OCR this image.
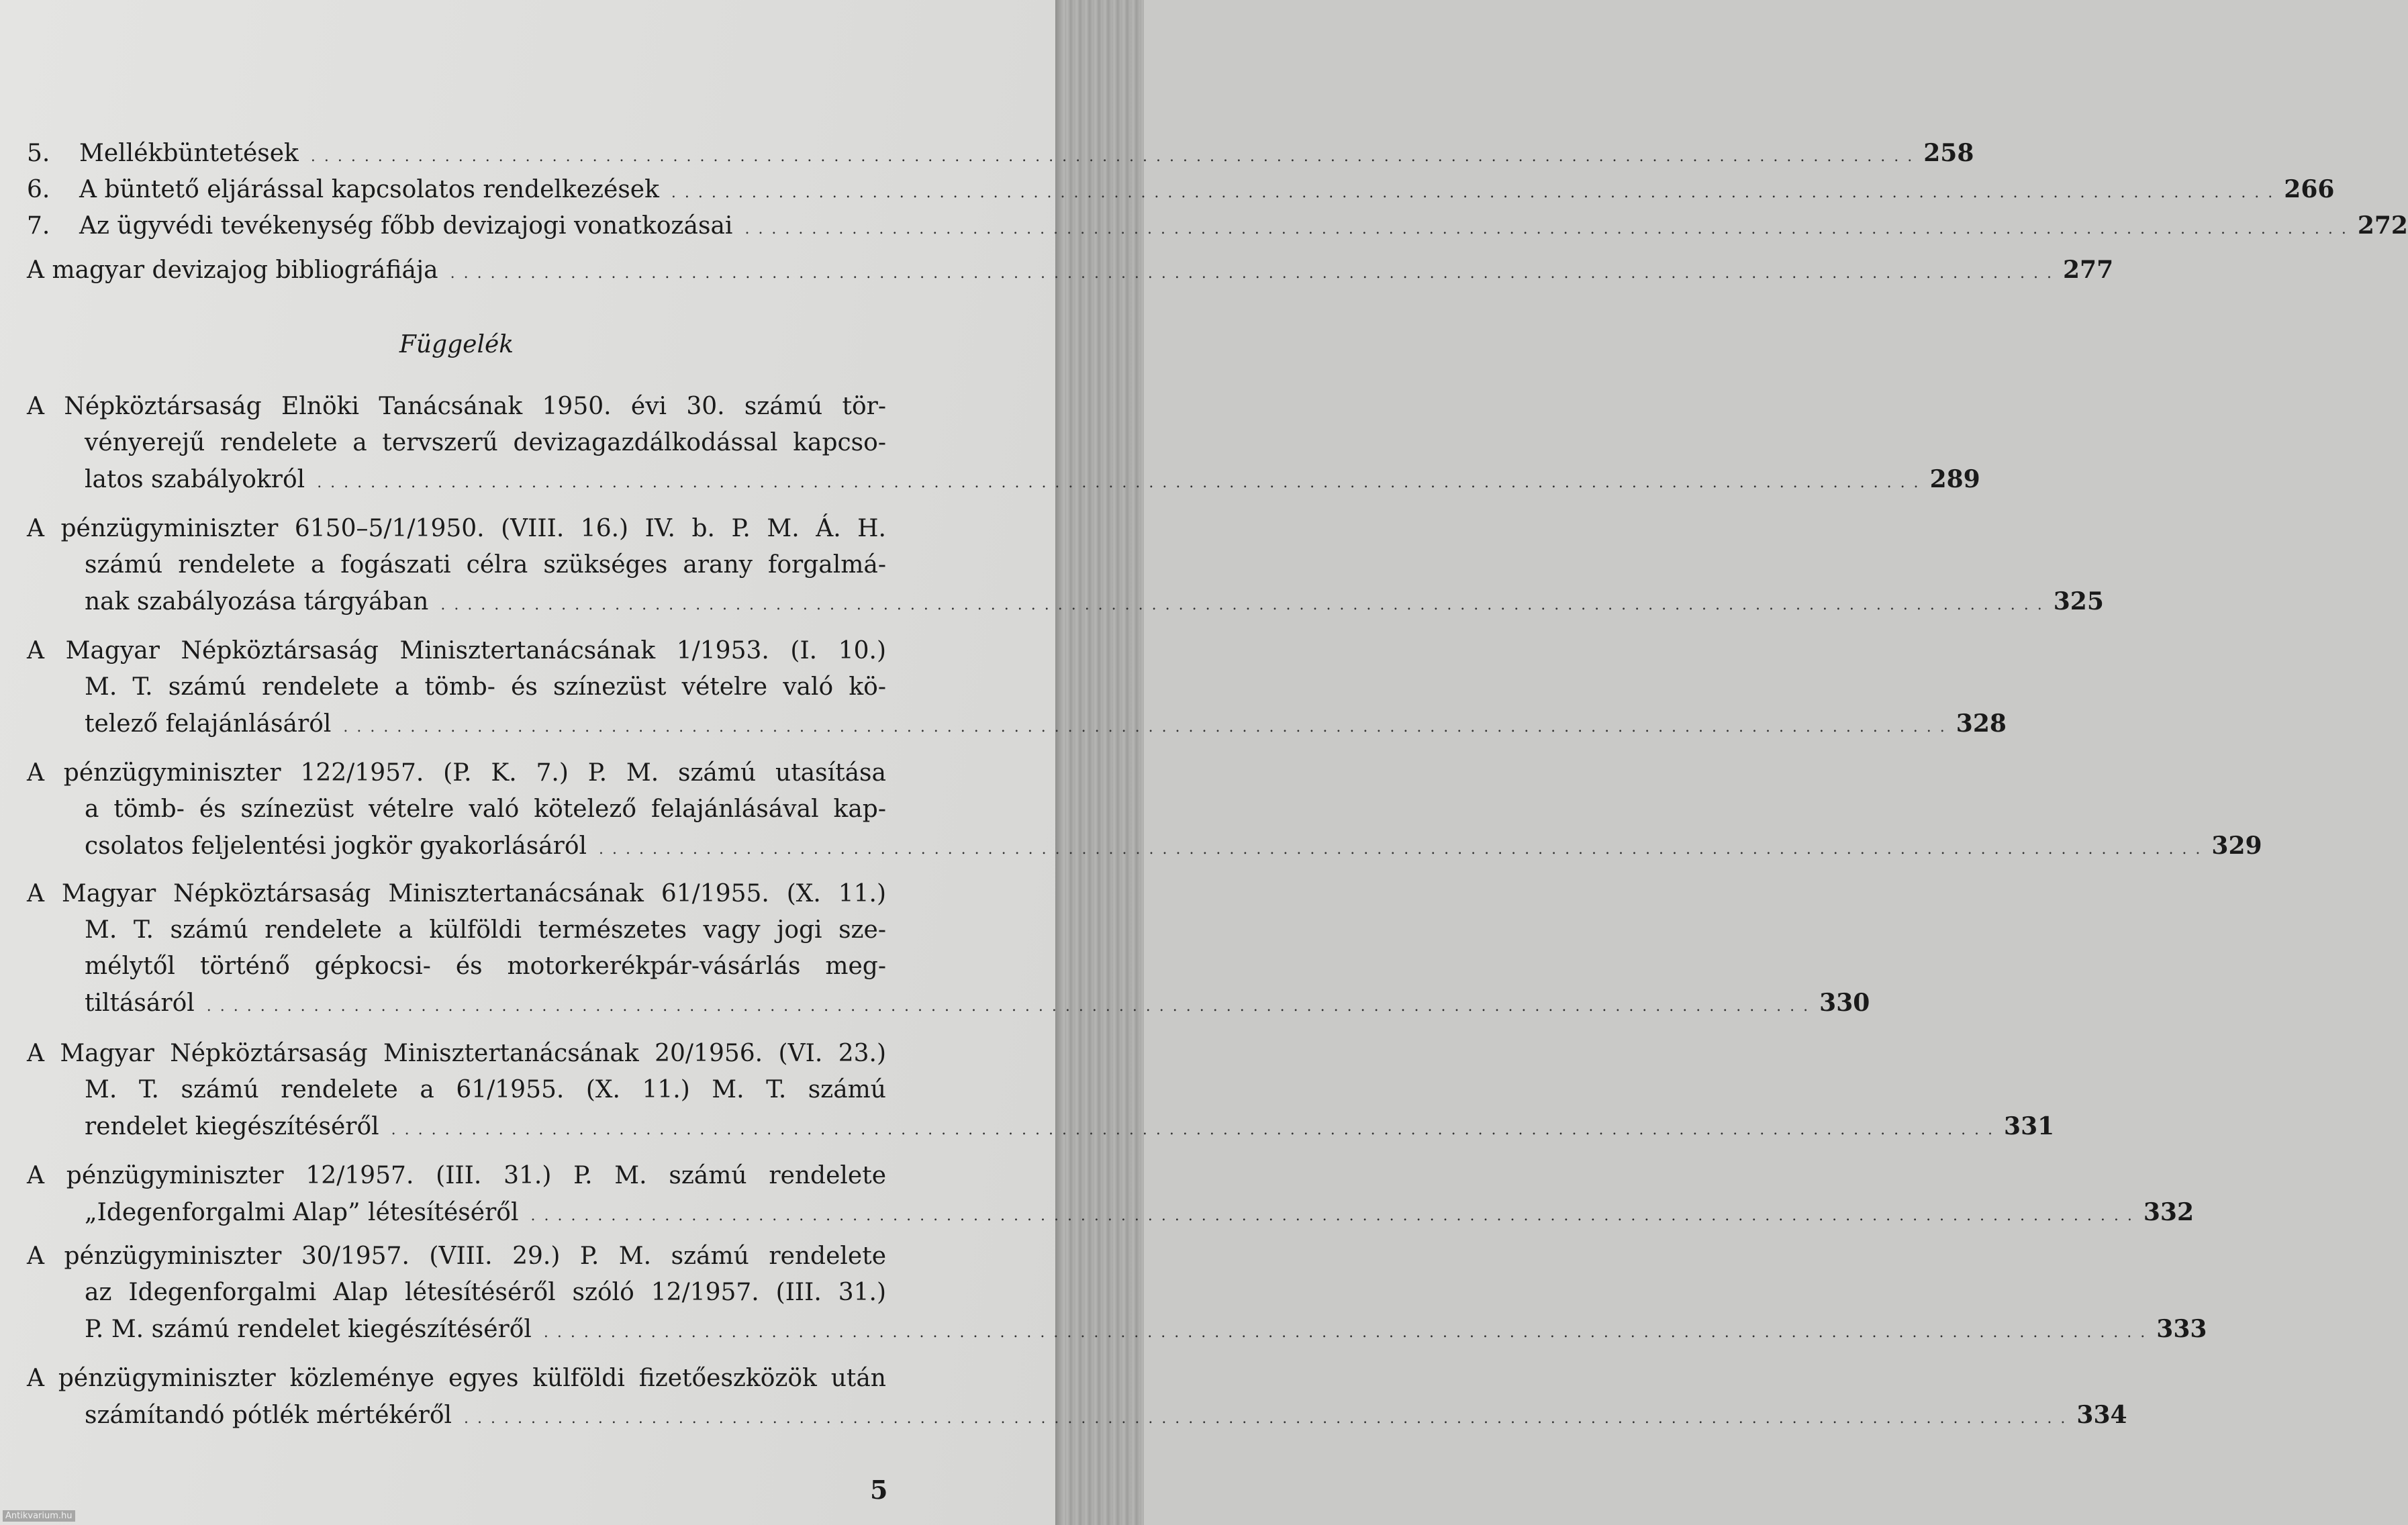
5.	Mellékbüntetések . . . . . . . . . . . . . . . . . . . . . . . . . . . . . . . . . . . . . . . . . . . . . . . . . . . . . . . . . . . . . . . . . . . . . . . . . . . . . . . . . . . . . . . . . . . . . . . . . . . . . . . . . . . . . . . . . . . . . . . . 258
6.	A büntető eljárással kapcsolatos rendelkezések . . . . . . . . . . . . . . . . . . . . . . . . . . . . . . . . . . . . . . . . . . . . . . . . . . . . . . . . . . . . . . . . . . . . . . . . . . . . . . . . . . . . . . . . . . . . . . . . . . . . . . . . . . . . . . . . . . . . . . . . 266
7.	Az ügyvédi tevékenység főbb devizajogi vonatkozásai . . . . . . . . . . . . . . . . . . . . . . . . . . . . . . . . . . . . . . . . . . . . . . . . . . . . . . . . . . . . . . . . . . . . . . . . . . . . . . . . . . . . . . . . . . . . . . . . . . . . . . . . . . . . . . . . . . . . . . . . 272
A magyar devizajog bibliográfiája . . . . . . . . . . . . . . . . . . . . . . . . . . . . . . . . . . . . . . . . . . . . . . . . . . . . . . . . . . . . . . . . . . . . . . . . . . . . . . . . . . . . . . . . . . . . . . . . . . . . . . . . . . . . . . . . . . . . . . . . 277
A Népköztársaság Elnöki Tanácsának 1950. évi 30. számú tör-
vényerejű rendelete a tervszerű devizagazdálkodással kapcso-
latos szabályokról . . . . . . . . . . . . . . . . . . . . . . . . . . . . . . . . . . . . . . . . . . . . . . . . . . . . . . . . . . . . . . . . . . . . . . . . . . . . . . . . . . . . . . . . . . . . . . . . . . . . . . . . . . . . . . . . . . . . . . . . 289
A pénzügyminiszter 6150–5/1/1950. (VIII. 16.) IV. b. P. M. Á. H.
számú rendelete a fogászati célra szükséges arany forgalmá-
nak szabályozása tárgyában . . . . . . . . . . . . . . . . . . . . . . . . . . . . . . . . . . . . . . . . . . . . . . . . . . . . . . . . . . . . . . . . . . . . . . . . . . . . . . . . . . . . . . . . . . . . . . . . . . . . . . . . . . . . . . . . . . . . . . . . 325
A Magyar Népköztársaság Minisztertanácsának 1/1953. (I. 10.)
M. T. számú rendelete a tömb- és színezüst vételre való kö-
telező felajánlásáról . . . . . . . . . . . . . . . . . . . . . . . . . . . . . . . . . . . . . . . . . . . . . . . . . . . . . . . . . . . . . . . . . . . . . . . . . . . . . . . . . . . . . . . . . . . . . . . . . . . . . . . . . . . . . . . . . . . . . . . . 328
A pénzügyminiszter 122/1957. (P. K. 7.) P. M. számú utasítása
a tömb- és színezüst vételre való kötelező felajánlásával kap-
csolatos feljelentési jogkör gyakorlásáról . . . . . . . . . . . . . . . . . . . . . . . . . . . . . . . . . . . . . . . . . . . . . . . . . . . . . . . . . . . . . . . . . . . . . . . . . . . . . . . . . . . . . . . . . . . . . . . . . . . . . . . . . . . . . . . . . . . . . . . . 329
A Magyar Népköztársaság Minisztertanácsának 61/1955. (X. 11.)
M. T. számú rendelete a külföldi természetes vagy jogi sze-
mélytől történő gépkocsi- és motorkerékpár-vásárlás meg-
tiltásáról . . . . . . . . . . . . . . . . . . . . . . . . . . . . . . . . . . . . . . . . . . . . . . . . . . . . . . . . . . . . . . . . . . . . . . . . . . . . . . . . . . . . . . . . . . . . . . . . . . . . . . . . . . . . . . . . . . . . . . . . 330
A Magyar Népköztársaság Minisztertanácsának 20/1956. (VI. 23.)
M. T. számú rendelete a 61/1955. (X. 11.) M. T. számú
rendelet kiegészítéséről . . . . . . . . . . . . . . . . . . . . . . . . . . . . . . . . . . . . . . . . . . . . . . . . . . . . . . . . . . . . . . . . . . . . . . . . . . . . . . . . . . . . . . . . . . . . . . . . . . . . . . . . . . . . . . . . . . . . . . . . 331
A pénzügyminiszter 12/1957. (III. 31.) P. M. számú rendelete
„Idegenforgalmi Alap” létesítéséről . . . . . . . . . . . . . . . . . . . . . . . . . . . . . . . . . . . . . . . . . . . . . . . . . . . . . . . . . . . . . . . . . . . . . . . . . . . . . . . . . . . . . . . . . . . . . . . . . . . . . . . . . . . . . . . . . . . . . . . . 332
A pénzügyminiszter 30/1957. (VIII. 29.) P. M. számú rendelete
az Idegenforgalmi Alap létesítéséről szóló 12/1957. (III. 31.)
P. M. számú rendelet kiegészítéséről . . . . . . . . . . . . . . . . . . . . . . . . . . . . . . . . . . . . . . . . . . . . . . . . . . . . . . . . . . . . . . . . . . . . . . . . . . . . . . . . . . . . . . . . . . . . . . . . . . . . . . . . . . . . . . . . . . . . . . . . 333
A pénzügyminiszter közleménye egyes külföldi fizetőeszközök után
számítandó pótlék mértékéről . . . . . . . . . . . . . . . . . . . . . . . . . . . . . . . . . . . . . . . . . . . . . . . . . . . . . . . . . . . . . . . . . . . . . . . . . . . . . . . . . . . . . . . . . . . . . . . . . . . . . . . . . . . . . . . . . . . . . . . . 334
Függelék
5
Antikvarium.hu
